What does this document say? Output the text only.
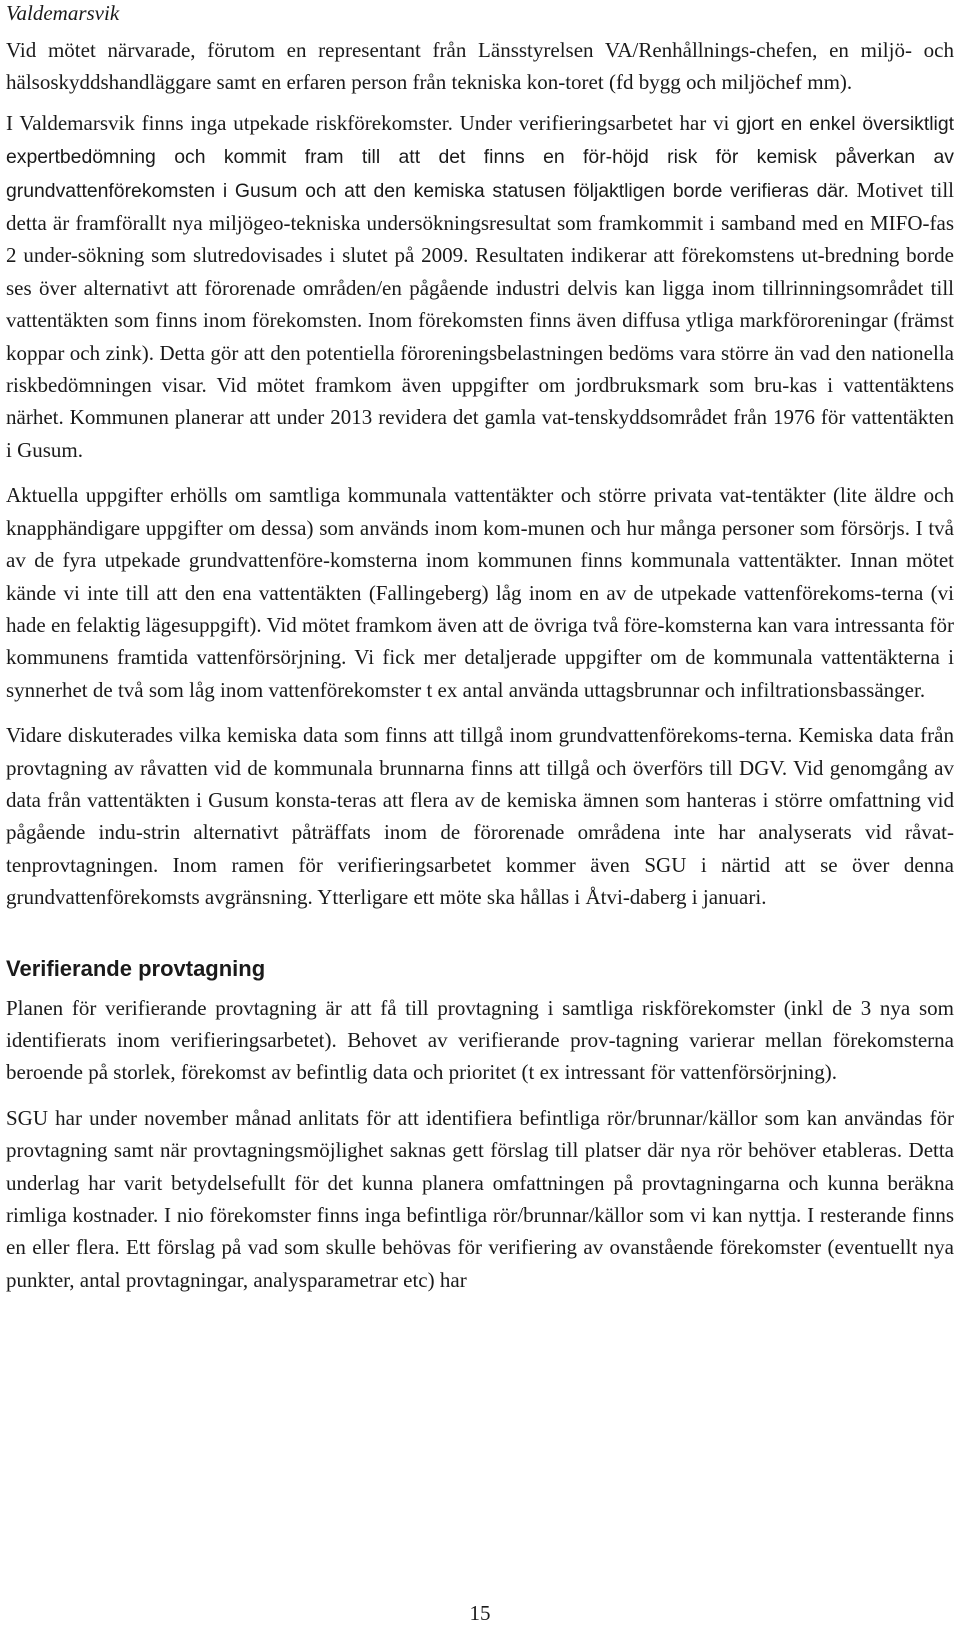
Valdemarsvik

Vid mötet närvarade, förutom en representant från Länsstyrelsen VA/Renhållnings-chefen, en miljö- och hälsoskyddshandläggare samt en erfaren person från tekniska kon-toret (fd bygg och miljöchef mm).

I Valdemarsvik finns inga utpekade riskförekomster. Under verifieringsarbetet har vi gjort en enkel översiktligt expertbedömning och kommit fram till att det finns en för-höjd risk för kemisk påverkan av grundvattenförekomsten i Gusum och att den kemiska statusen följaktligen borde verifieras där. Motivet till detta är framförallt nya miljögeo-tekniska undersökningsresultat som framkommit i samband med en MIFO-fas 2 under-sökning som slutredovisades i slutet på 2009. Resultaten indikerar att förekomstens ut-bredning borde ses över alternativt att förorenade områden/en pågående industri delvis kan ligga inom tillrinningsområdet till vattentäkten som finns inom förekomsten. Inom förekomsten finns även diffusa ytliga markföroreningar (främst koppar och zink). Detta gör att den potentiella föroreningsbelastningen bedöms vara större än vad den nationella riskbedömningen visar. Vid mötet framkom även uppgifter om jordbruksmark som bru-kas i vattentäktens närhet. Kommunen planerar att under 2013 revidera det gamla vat-tenskyddsområdet från 1976 för vattentäkten i Gusum.

Aktuella uppgifter erhölls om samtliga kommunala vattentäkter och större privata vat-tentäkter (lite äldre och knapphändigare uppgifter om dessa) som används inom kom-munen och hur många personer som försörjs. I två av de fyra utpekade grundvattenföre-komsterna inom kommunen finns kommunala vattentäkter. Innan mötet kände vi inte till att den ena vattentäkten (Fallingeberg) låg inom en av de utpekade vattenförekoms-terna (vi hade en felaktig lägesuppgift). Vid mötet framkom även att de övriga två före-komsterna kan vara intressanta för kommunens framtida vattenförsörjning. Vi fick mer detaljerade uppgifter om de kommunala vattentäkterna i synnerhet de två som låg inom vattenförekomster t ex antal använda uttagsbrunnar och infiltrationsbassänger.

Vidare diskuterades vilka kemiska data som finns att tillgå inom grundvattenförekoms-terna. Kemiska data från provtagning av råvatten vid de kommunala brunnarna finns att tillgå och överförs till DGV. Vid genomgång av data från vattentäkten i Gusum konsta-teras att flera av de kemiska ämnen som hanteras i större omfattning vid pågående indu-strin alternativt påträffats inom de förorenade områdena inte har analyserats vid råvat-tenprovtagningen. Inom ramen för verifieringsarbetet kommer även SGU i närtid att se över denna grundvattenförekomsts avgränsning. Ytterligare ett möte ska hållas i Åtvi-daberg i januari.

Verifierande provtagning

Planen för verifierande provtagning är att få till provtagning i samtliga riskförekomster (inkl de 3 nya som identifierats inom verifieringsarbetet). Behovet av verifierande prov-tagning varierar mellan förekomsterna beroende på storlek, förekomst av befintlig data och prioritet (t ex intressant för vattenförsörjning).

SGU har under november månad anlitats för att identifiera befintliga rör/brunnar/källor som kan användas för provtagning samt när provtagningsmöjlighet saknas gett förslag till platser där nya rör behöver etableras. Detta underlag har varit betydelsefullt för det kunna planera omfattningen på provtagningarna och kunna beräkna rimliga kostnader. I nio förekomster finns inga befintliga rör/brunnar/källor som vi kan nyttja. I resterande finns en eller flera. Ett förslag på vad som skulle behövas för verifiering av ovanstående förekomster (eventuellt nya punkter, antal provtagningar, analysparametrar etc) har

15
